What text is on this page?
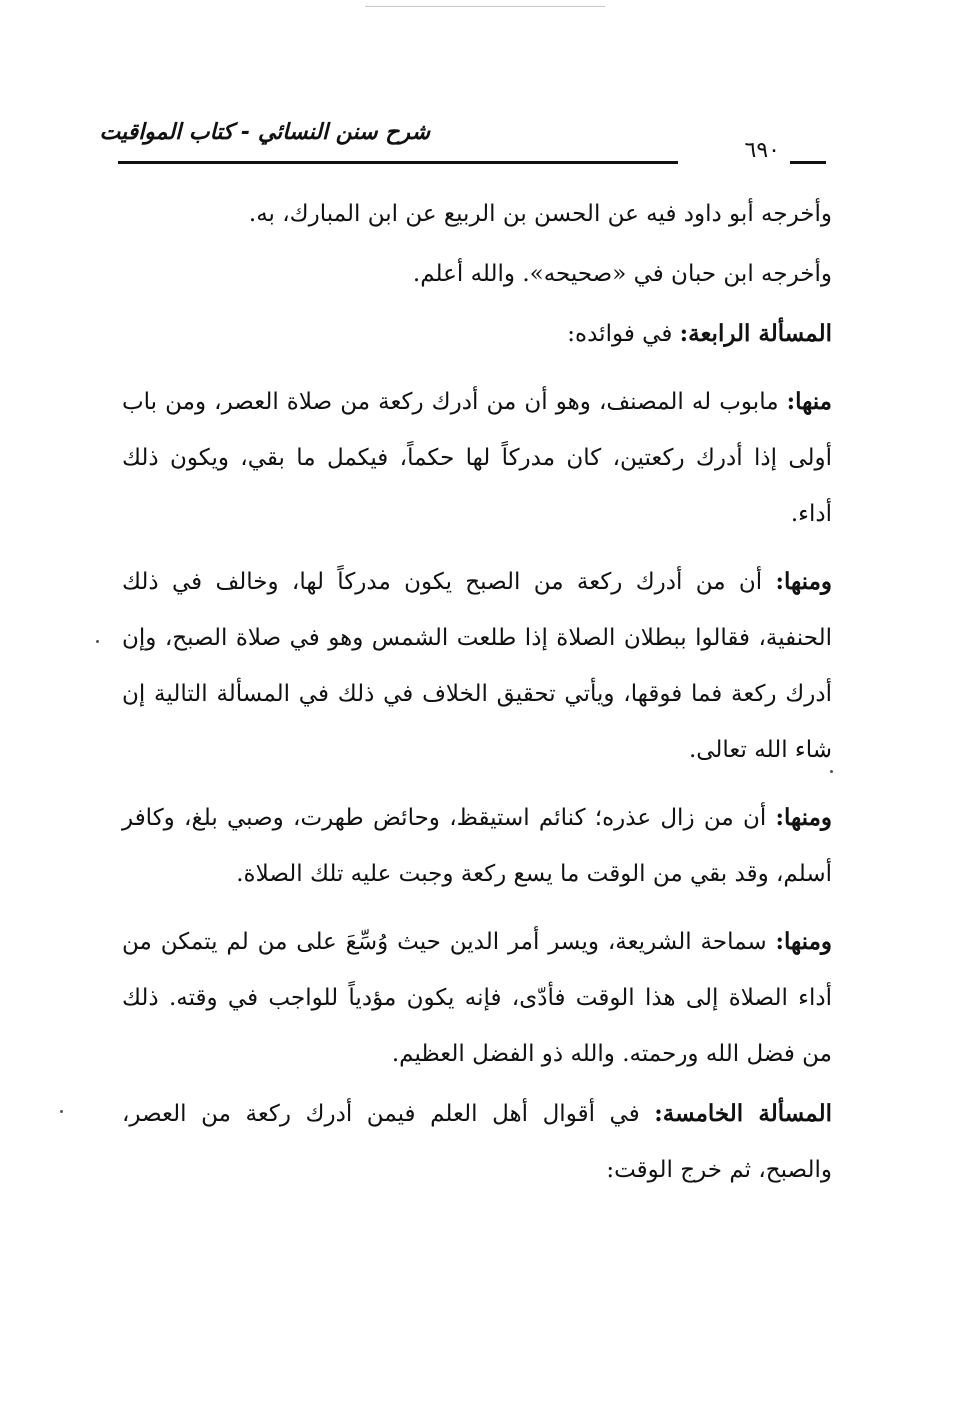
شرح سنن النسائي - كتاب المواقيت
٦٩٠

وأخرجه أبو داود فيه عن الحسن بن الربيع عن ابن المبارك، به.

وأخرجه ابن حبان في «صحيحه». والله أعلم.

المسألة الرابعة: في فوائده:

منها: مابوب له المصنف، وهو أن من أدرك ركعة من صلاة العصر، ومن باب أولى إذا أدرك ركعتين، كان مدركاً لها حكماً، فيكمل ما بقي، ويكون ذلك أداء.

ومنها: أن من أدرك ركعة من الصبح يكون مدركاً لها، وخالف في ذلك الحنفية، فقالوا ببطلان الصلاة إذا طلعت الشمس وهو في صلاة الصبح، وإن أدرك ركعة فما فوقها، ويأتي تحقيق الخلاف في ذلك في المسألة التالية إن شاء الله تعالى.

ومنها: أن من زال عذره؛ كنائم استيقظ، وحائض طهرت، وصبي بلغ، وكافر أسلم، وقد بقي من الوقت ما يسع ركعة وجبت عليه تلك الصلاة.

ومنها: سماحة الشريعة، ويسر أمر الدين حيث وُسِّعَ على من لم يتمكن من أداء الصلاة إلى هذا الوقت فأدّى، فإنه يكون مؤدياً للواجب في وقته. ذلك من فضل الله ورحمته. والله ذو الفضل العظيم.

المسألة الخامسة: في أقوال أهل العلم فيمن أدرك ركعة من العصر، والصبح، ثم خرج الوقت:
